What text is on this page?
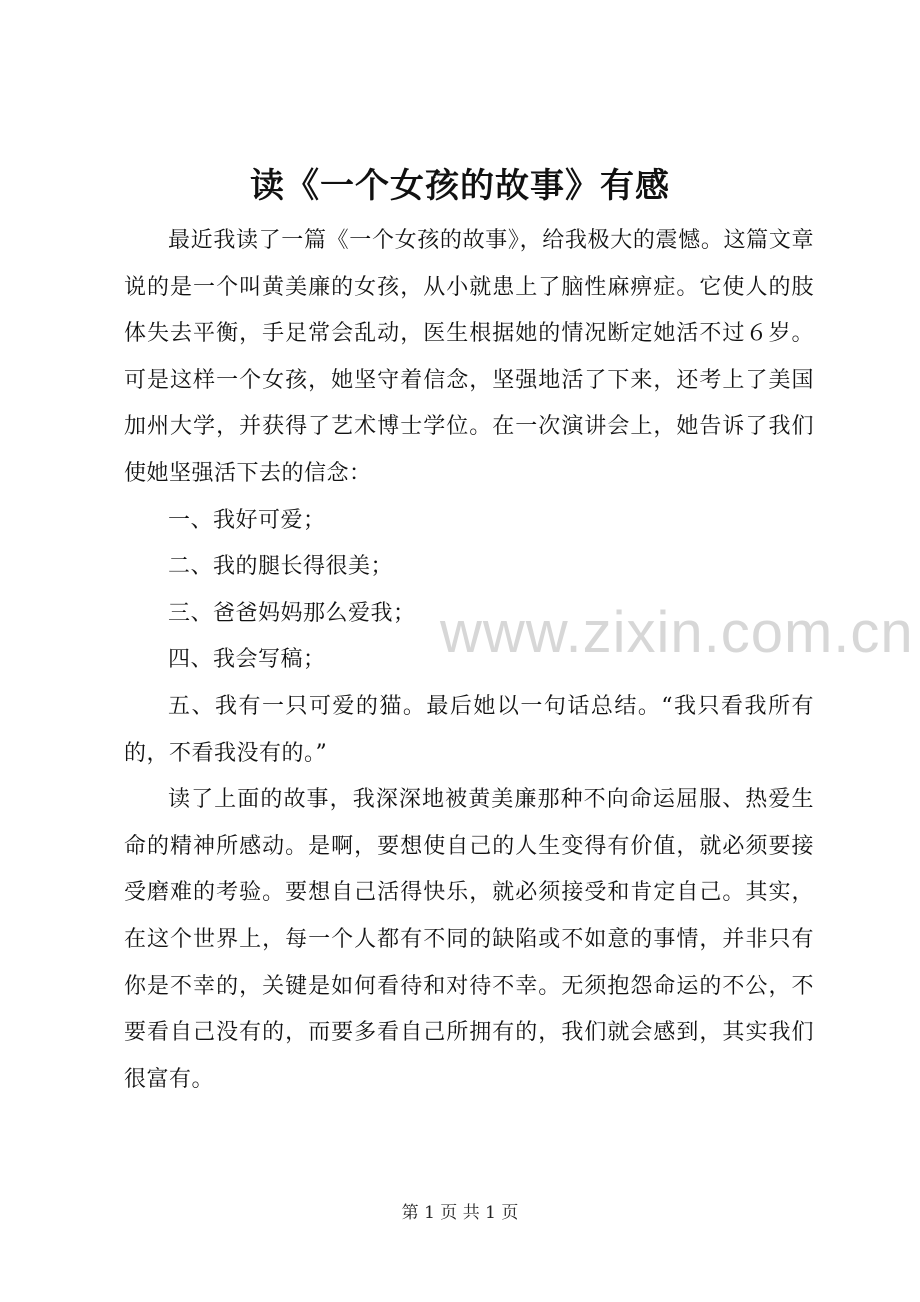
读《一个女孩的故事》有感

最近我读了一篇《一个女孩的故事》，给我极大的震憾。这篇文章说的是一个叫黄美廉的女孩，从小就患上了脑性麻痹症。它使人的肢体失去平衡，手足常会乱动，医生根据她的情况断定她活不过６岁。可是这样一个女孩，她坚守着信念，坚强地活了下来，还考上了美国加州大学，并获得了艺术博士学位。在一次演讲会上，她告诉了我们使她坚强活下去的信念：

一、我好可爱；

二、我的腿长得很美；

三、爸爸妈妈那么爱我；

四、我会写稿；

五、我有一只可爱的猫。最后她以一句话总结。“我只看我所有的，不看我没有的。”

读了上面的故事，我深深地被黄美廉那种不向命运屈服、热爱生命的精神所感动。是啊，要想使自己的人生变得有价值，就必须要接受磨难的考验。要想自己活得快乐，就必须接受和肯定自己。其实，在这个世界上，每一个人都有不同的缺陷或不如意的事情，并非只有你是不幸的，关键是如何看待和对待不幸。无须抱怨命运的不公，不要看自己没有的，而要多看自己所拥有的，我们就会感到，其实我们很富有。

www.zixin.com.cn
第 1 页 共 1 页
